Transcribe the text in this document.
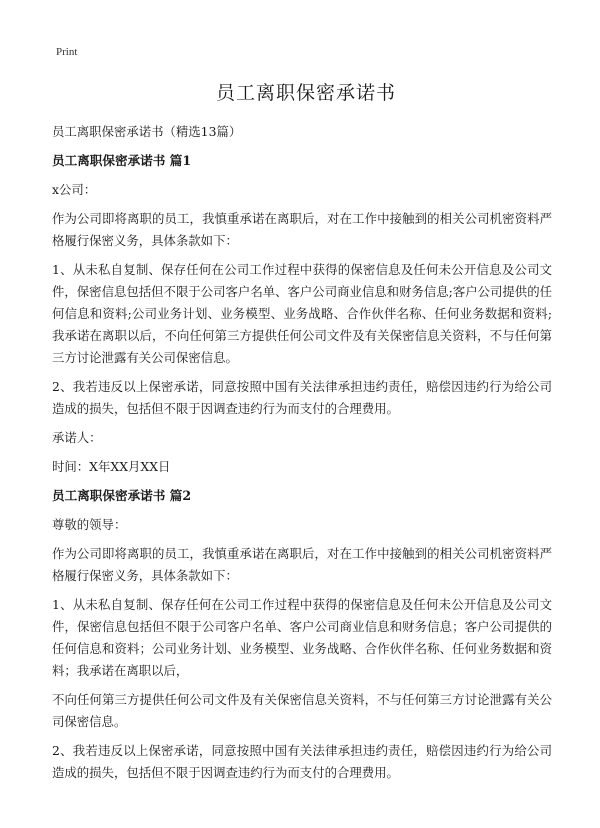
Print
员工离职保密承诺书

员工离职保密承诺书（精选13篇）

员工离职保密承诺书 篇1

x公司：

作为公司即将离职的员工，我慎重承诺在离职后，对在工作中接触到的相关公司机密资料严格履行保密义务，具体条款如下：

1、从未私自复制、保存任何在公司工作过程中获得的保密信息及任何未公开信息及公司文件，保密信息包括但不限于公司客户名单、客户公司商业信息和财务信息;客户公司提供的任何信息和资料;公司业务计划、业务模型、业务战略、合作伙伴名称、任何业务数据和资料;我承诺在离职以后，不向任何第三方提供任何公司文件及有关保密信息关资料，不与任何第三方讨论泄露有关公司保密信息。

2、我若违反以上保密承诺，同意按照中国有关法律承担违约责任，赔偿因违约行为给公司造成的损失，包括但不限于因调查违约行为而支付的合理费用。

承诺人：

时间：X年XX月XX日

员工离职保密承诺书 篇2

尊敬的领导：

作为公司即将离职的员工，我慎重承诺在离职后，对在工作中接触到的相关公司机密资料严格履行保密义务，具体条款如下：

1、从未私自复制、保存任何在公司工作过程中获得的保密信息及任何未公开信息及公司文件，保密信息包括但不限于公司客户名单、客户公司商业信息和财务信息；客户公司提供的任何信息和资料；公司业务计划、业务模型、业务战略、合作伙伴名称、任何业务数据和资料；我承诺在离职以后，

不向任何第三方提供任何公司文件及有关保密信息关资料，不与任何第三方讨论泄露有关公司保密信息。

2、我若违反以上保密承诺，同意按照中国有关法律承担违约责任，赔偿因违约行为给公司造成的损失，包括但不限于因调查违约行为而支付的合理费用。
